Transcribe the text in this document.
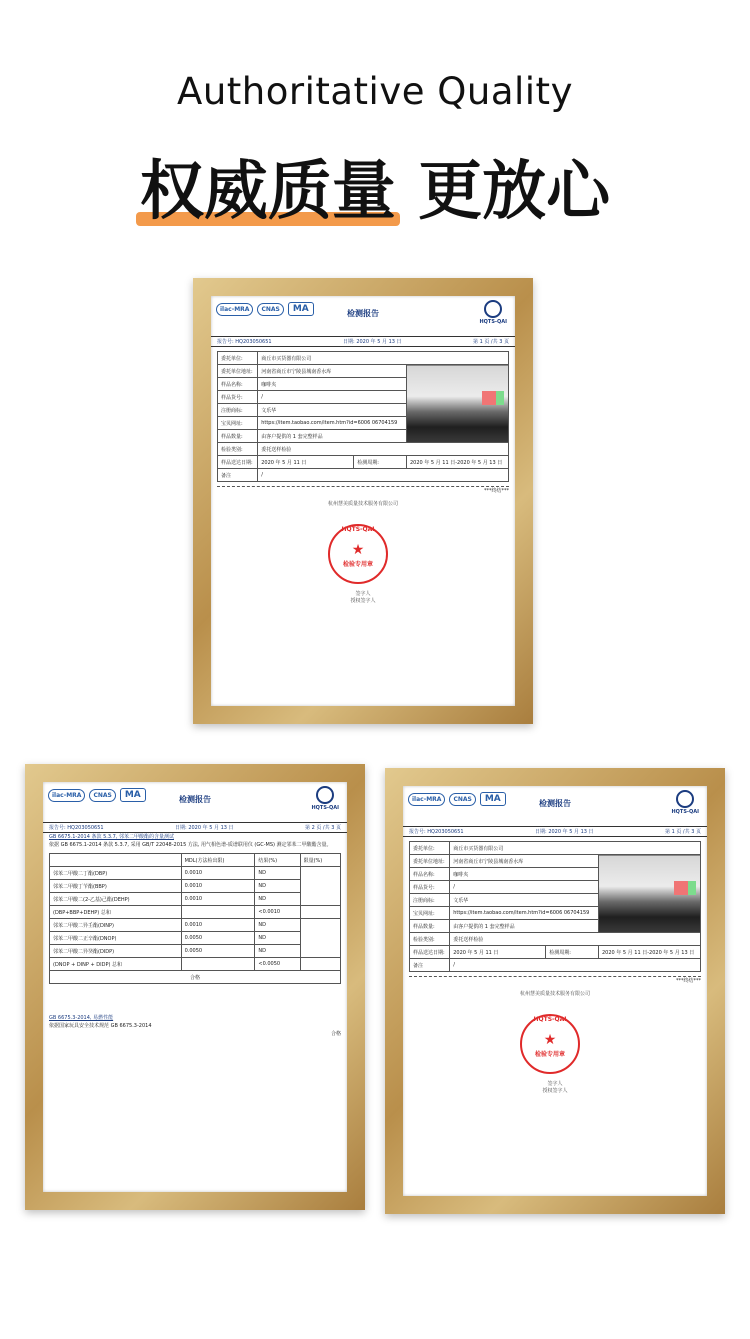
Authoritative Quality
权威质量 更放心
ilac-MRA	CNAS	MA	检测报告
HQTS-QAI
报告号: HQ203050651	日期: 2020 年 5 月 13 日	第 1 页 /共 3 页
委托单位:	商丘市买货器有限公司		
委托单位地址:	河南省商丘市宁陵县城南香水库		
样品名称:	咖啡夹		
样品货号:	/		
注册商标:	文乐华		
宝贝网址:	https://item.taobao.com/item.htm?id=6006 06704159		
样品数量:	由客户提供的 1 套完整样品		
检验类别:	委托送样检验		
样品送达日期:	2020 年 5 月 11 日	检测周期:	2020 年 5 月 11 日-2020 年 5 月 13 日
备注	/		
***终结***
杭州慧美质量技术服务有限公司
HQTS-QAI
★
检验专用章
签字人
授权签字人
ilac-MRA	CNAS	MA	检测报告
HQTS-QAI
报告号: HQ203050651	日期: 2020 年 5 月 13 日	第 2 页 /共 3 页
GB 6675.1-2014 条款 5.3.7, 邻苯二甲酸酯的含量测试
依据 GB 6675.1-2014 条款 5.3.7, 采用 GB/T 22048-2015 方法, 用气相色谱-质谱联用仪 (GC-MS) 测定邻苯二甲酸酯含量。
	MDL(方法检出限)	结果(%)	限量(%)
邻苯二甲酸二丁酯(DBP)	0.0010	ND	
邻苯二甲酸丁苄酯(BBP)	0.0010	ND	
邻苯二甲酸二(2-乙基)己酯(DEHP)	0.0010	ND	
(DBP+BBP+DEHP) 总和		<0.0010	
邻苯二甲酸二异壬酯(DINP)	0.0010	ND	
邻苯二甲酸二正辛酯(DNOP)	0.0050	ND	
邻苯二甲酸二异癸酯(DIDP)	0.0050	ND	
(DNOP + DINP + DIDP) 总和		<0.0050	
合格			
GB 6675.3-2014, 易燃性能
依据国家玩具安全技术规范 GB 6675.3-2014
合格
ilac-MRA	CNAS	MA	检测报告
HQTS-QAI
报告号: HQ203050651	日期: 2020 年 5 月 13 日	第 1 页 /共 3 页
委托单位:	商丘市买货器有限公司		
委托单位地址:	河南省商丘市宁陵县城南香水库		
样品名称:	咖啡夹		
样品货号:	/		
注册商标:	文乐华		
宝贝网址:	https://item.taobao.com/item.htm?id=6006 06704159		
样品数量:	由客户提供的 1 套完整样品		
检验类别:	委托送样检验		
样品送达日期:	2020 年 5 月 11 日	检测周期:	2020 年 5 月 11 日-2020 年 5 月 13 日
备注	/		
***终结***
杭州慧美质量技术服务有限公司
HQTS-QAI
★
检验专用章
签字人
授权签字人
